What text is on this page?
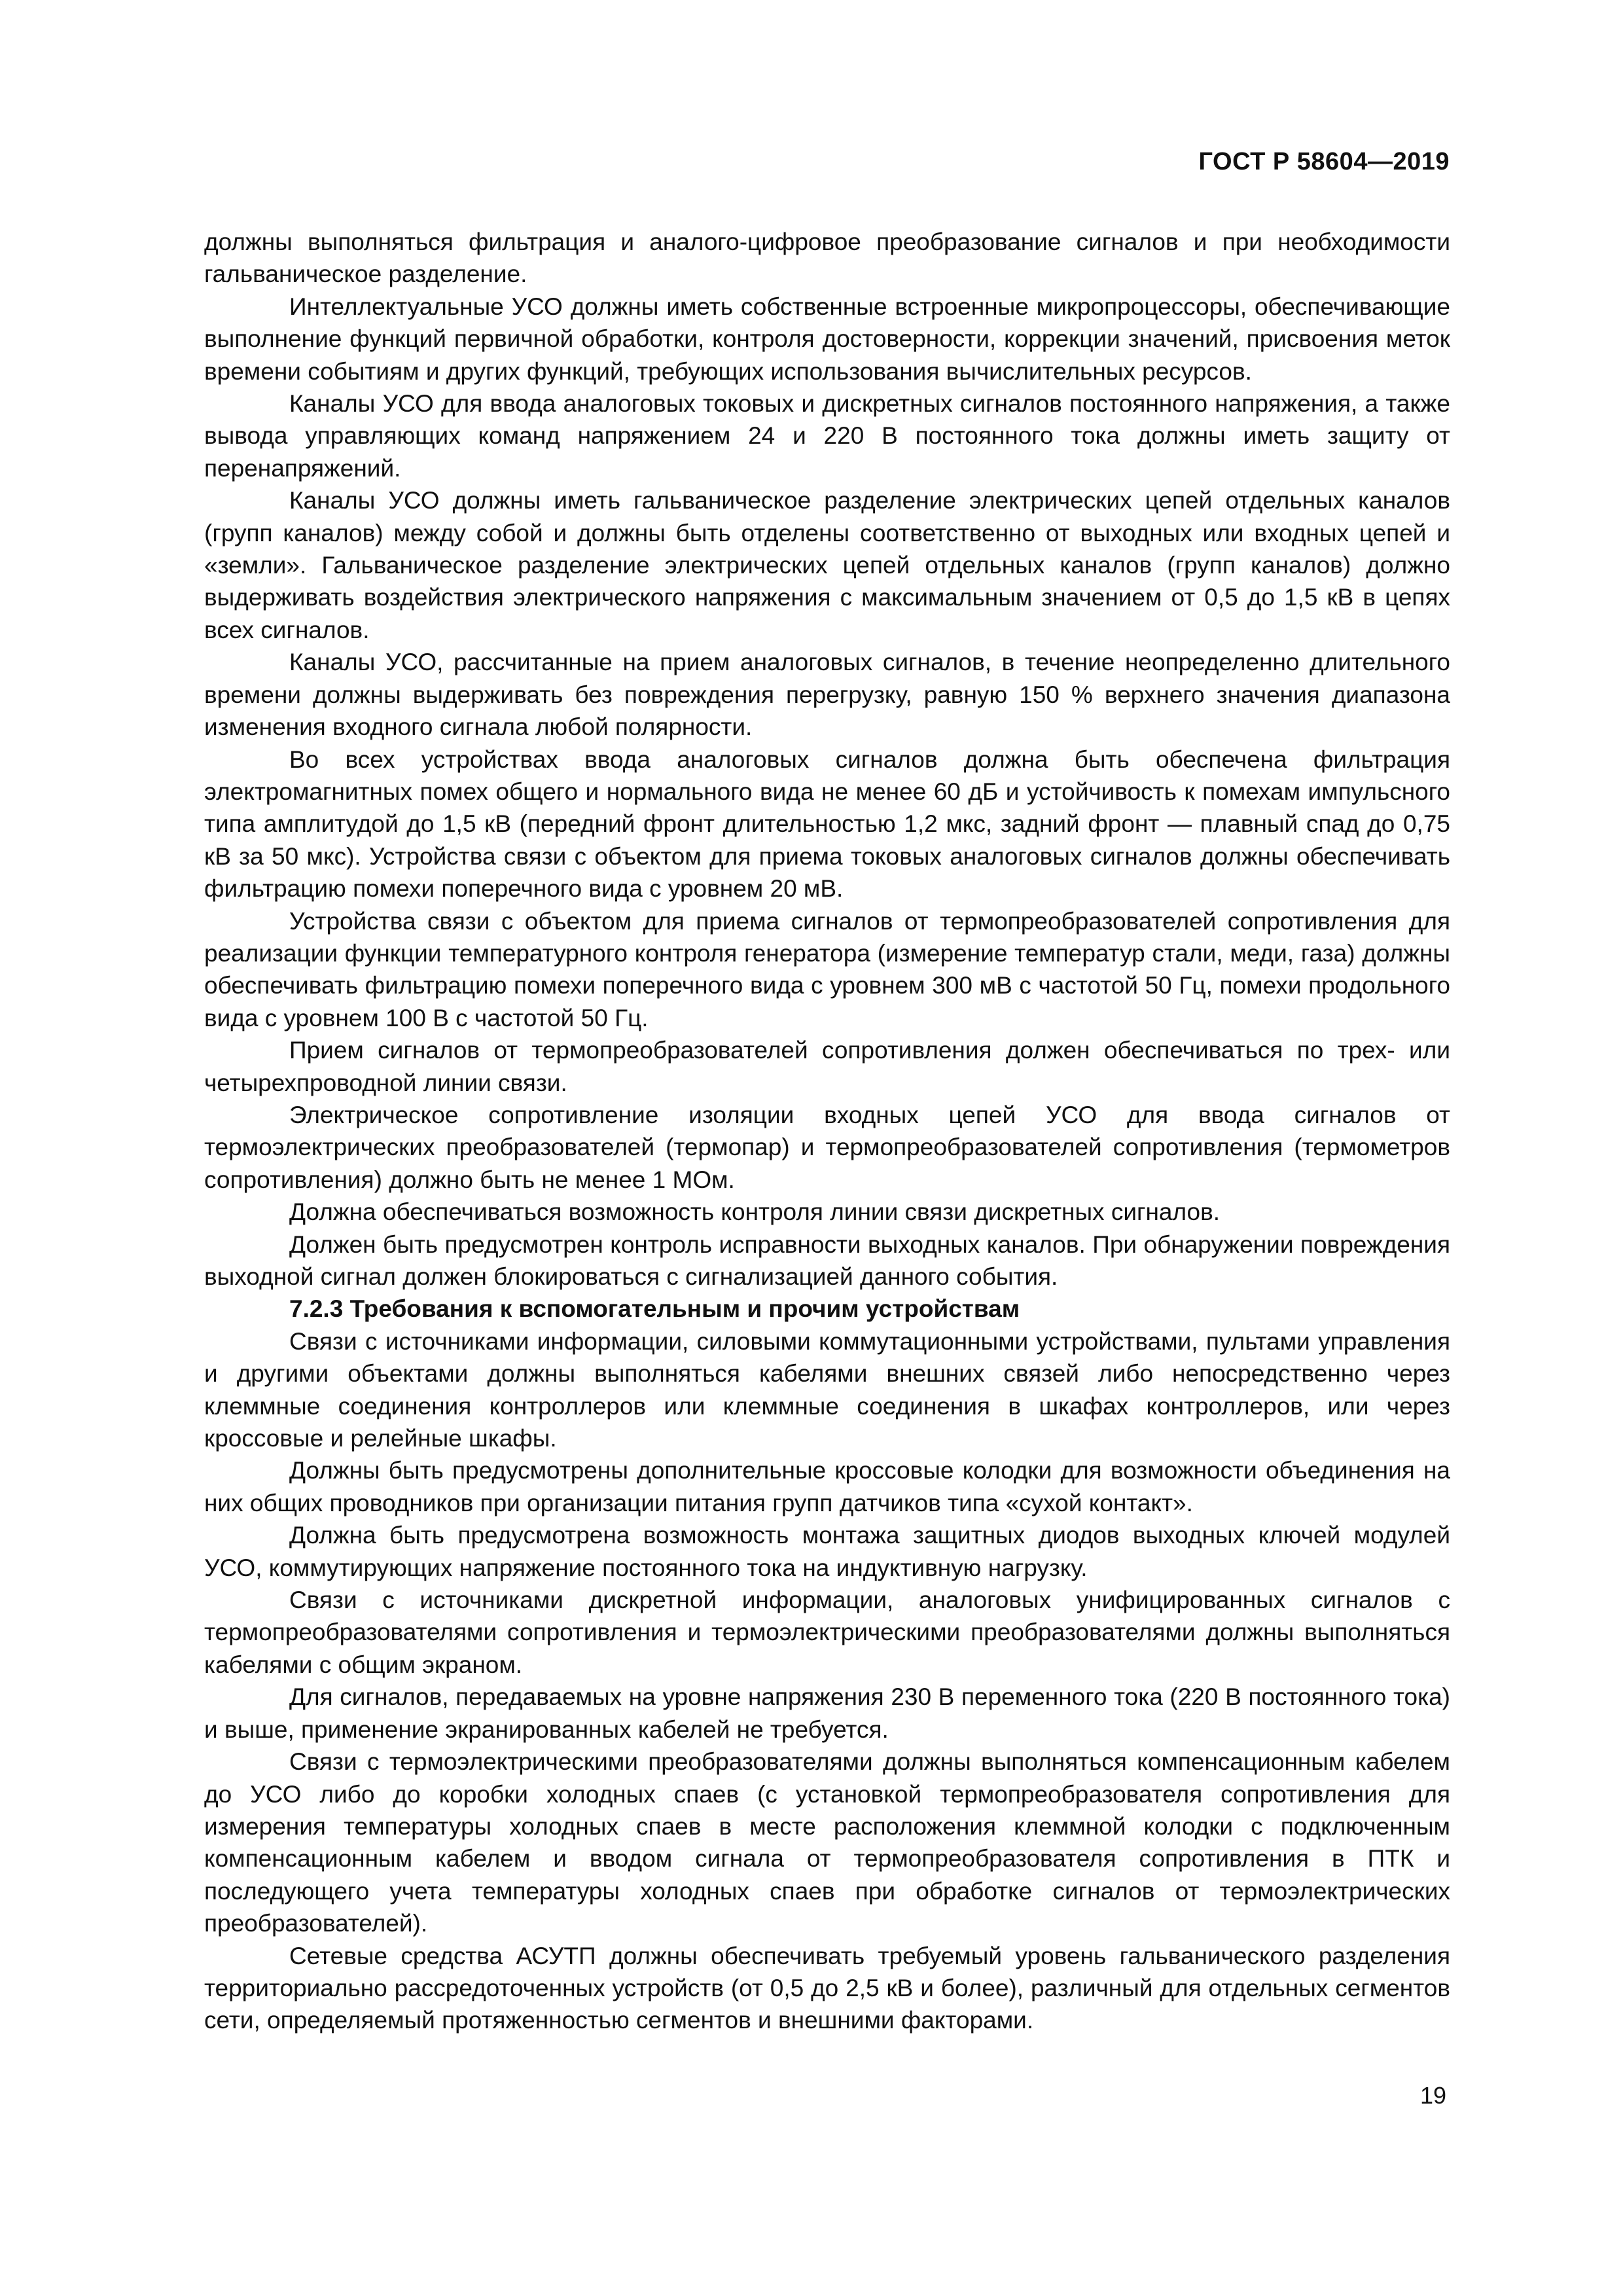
ГОСТ Р 58604—2019

должны выполняться фильтрация и аналого-цифровое преобразование сигналов и при необходимости гальваническое разделение.

Интеллектуальные УСО должны иметь собственные встроенные микропроцессоры, обеспечивающие выполнение функций первичной обработки, контроля достоверности, коррекции значений, присвоения меток времени событиям и других функций, требующих использования вычислительных ресурсов.

Каналы УСО для ввода аналоговых токовых и дискретных сигналов постоянного напряжения, а также вывода управляющих команд напряжением 24 и 220 В постоянного тока должны иметь защиту от перенапряжений.

Каналы УСО должны иметь гальваническое разделение электрических цепей отдельных каналов (групп каналов) между собой и должны быть отделены соответственно от выходных или входных цепей и «земли». Гальваническое разделение электрических цепей отдельных каналов (групп каналов) должно выдерживать воздействия электрического напряжения с максимальным значением от 0,5 до 1,5 кВ в цепях всех сигналов.

Каналы УСО, рассчитанные на прием аналоговых сигналов, в течение неопределенно длительного времени должны выдерживать без повреждения перегрузку, равную 150 % верхнего значения диапазона изменения входного сигнала любой полярности.

Во всех устройствах ввода аналоговых сигналов должна быть обеспечена фильтрация электромагнитных помех общего и нормального вида не менее 60 дБ и устойчивость к помехам импульсного типа амплитудой до 1,5 кВ (передний фронт длительностью 1,2 мкс, задний фронт — плавный спад до 0,75 кВ за 50 мкс). Устройства связи с объектом для приема токовых аналоговых сигналов должны обеспечивать фильтрацию помехи поперечного вида с уровнем 20 мВ.

Устройства связи с объектом для приема сигналов от термопреобразователей сопротивления для реализации функции температурного контроля генератора (измерение температур стали, меди, газа) должны обеспечивать фильтрацию помехи поперечного вида с уровнем 300 мВ с частотой 50 Гц, помехи продольного вида с уровнем 100 В с частотой 50 Гц.

Прием сигналов от термопреобразователей сопротивления должен обеспечиваться по трех- или четырехпроводной линии связи.

Электрическое сопротивление изоляции входных цепей УСО для ввода сигналов от термоэлектрических преобразователей (термопар) и термопреобразователей сопротивления (термометров сопротивления) должно быть не менее 1 МОм.

Должна обеспечиваться возможность контроля линии связи дискретных сигналов.

Должен быть предусмотрен контроль исправности выходных каналов. При обнаружении повреждения выходной сигнал должен блокироваться с сигнализацией данного события.

7.2.3 Требования к вспомогательным и прочим устройствам

Связи с источниками информации, силовыми коммутационными устройствами, пультами управления и другими объектами должны выполняться кабелями внешних связей либо непосредственно через клеммные соединения контроллеров или клеммные соединения в шкафах контроллеров, или через кроссовые и релейные шкафы.

Должны быть предусмотрены дополнительные кроссовые колодки для возможности объединения на них общих проводников при организации питания групп датчиков типа «сухой контакт».

Должна быть предусмотрена возможность монтажа защитных диодов выходных ключей модулей УСО, коммутирующих напряжение постоянного тока на индуктивную нагрузку.

Связи с источниками дискретной информации, аналоговых унифицированных сигналов с термопреобразователями сопротивления и термоэлектрическими преобразователями должны выполняться кабелями с общим экраном.

Для сигналов, передаваемых на уровне напряжения 230 В переменного тока (220 В постоянного тока) и выше, применение экранированных кабелей не требуется.

Связи с термоэлектрическими преобразователями должны выполняться компенсационным кабелем до УСО либо до коробки холодных спаев (с установкой термопреобразователя сопротивления для измерения температуры холодных спаев в месте расположения клеммной колодки с подключенным компенсационным кабелем и вводом сигнала от термопреобразователя сопротивления в ПТК и последующего учета температуры холодных спаев при обработке сигналов от термоэлектрических преобразователей).

Сетевые средства АСУТП должны обеспечивать требуемый уровень гальванического разделения территориально рассредоточенных устройств (от 0,5 до 2,5 кВ и более), различный для отдельных сегментов сети, определяемый протяженностью сегментов и внешними факторами.

19
